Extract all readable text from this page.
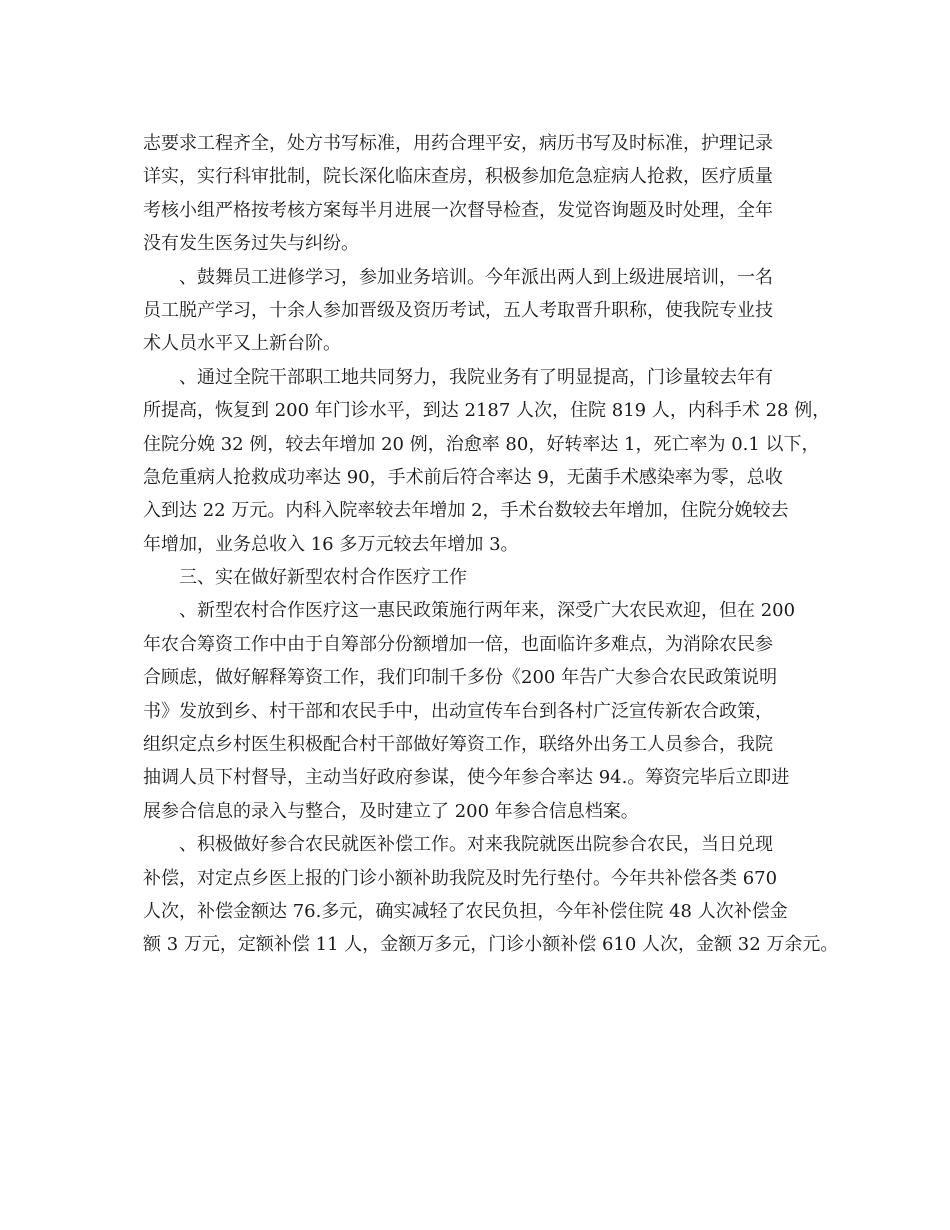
志要求工程齐全，处方书写标准，用药合理平安，病历书写及时标准，护理记录
详实，实行科审批制，院长深化临床查房，积极参加危急症病人抢救，医疗质量
考核小组严格按考核方案每半月进展一次督导检查，发觉咨询题及时处理，全年
没有发生医务过失与纠纷。
、鼓舞员工进修学习，参加业务培训。今年派出两人到上级进展培训，一名
员工脱产学习，十余人参加晋级及资历考试，五人考取晋升职称，使我院专业技
术人员水平又上新台阶。
、通过全院干部职工地共同努力，我院业务有了明显提高，门诊量较去年有
所提高，恢复到 200 年门诊水平，到达 2187 人次，住院 819 人，内科手术 28 例，
住院分娩 32 例，较去年增加 20 例，治愈率 80，好转率达 1，死亡率为 0.1 以下，
急危重病人抢救成功率达 90，手术前后符合率达 9，无菌手术感染率为零，总收
入到达 22 万元。内科入院率较去年增加 2，手术台数较去年增加，住院分娩较去
年增加，业务总收入 16 多万元较去年增加 3。
三、实在做好新型农村合作医疗工作
、新型农村合作医疗这一惠民政策施行两年来，深受广大农民欢迎，但在 200
年农合筹资工作中由于自筹部分份额增加一倍，也面临许多难点，为消除农民参
合顾虑，做好解释筹资工作，我们印制千多份《200 年告广大参合农民政策说明
书》发放到乡、村干部和农民手中，出动宣传车台到各村广泛宣传新农合政策，
组织定点乡村医生积极配合村干部做好筹资工作，联络外出务工人员参合，我院
抽调人员下村督导，主动当好政府参谋，使今年参合率达 94.。筹资完毕后立即进
展参合信息的录入与整合，及时建立了 200 年参合信息档案。
、积极做好参合农民就医补偿工作。对来我院就医出院参合农民，当日兑现
补偿，对定点乡医上报的门诊小额补助我院及时先行垫付。今年共补偿各类 670
人次，补偿金额达 76.多元，确实减轻了农民负担，今年补偿住院 48 人次补偿金
额 3 万元，定额补偿 11 人，金额万多元，门诊小额补偿 610 人次，金额 32 万余元。
